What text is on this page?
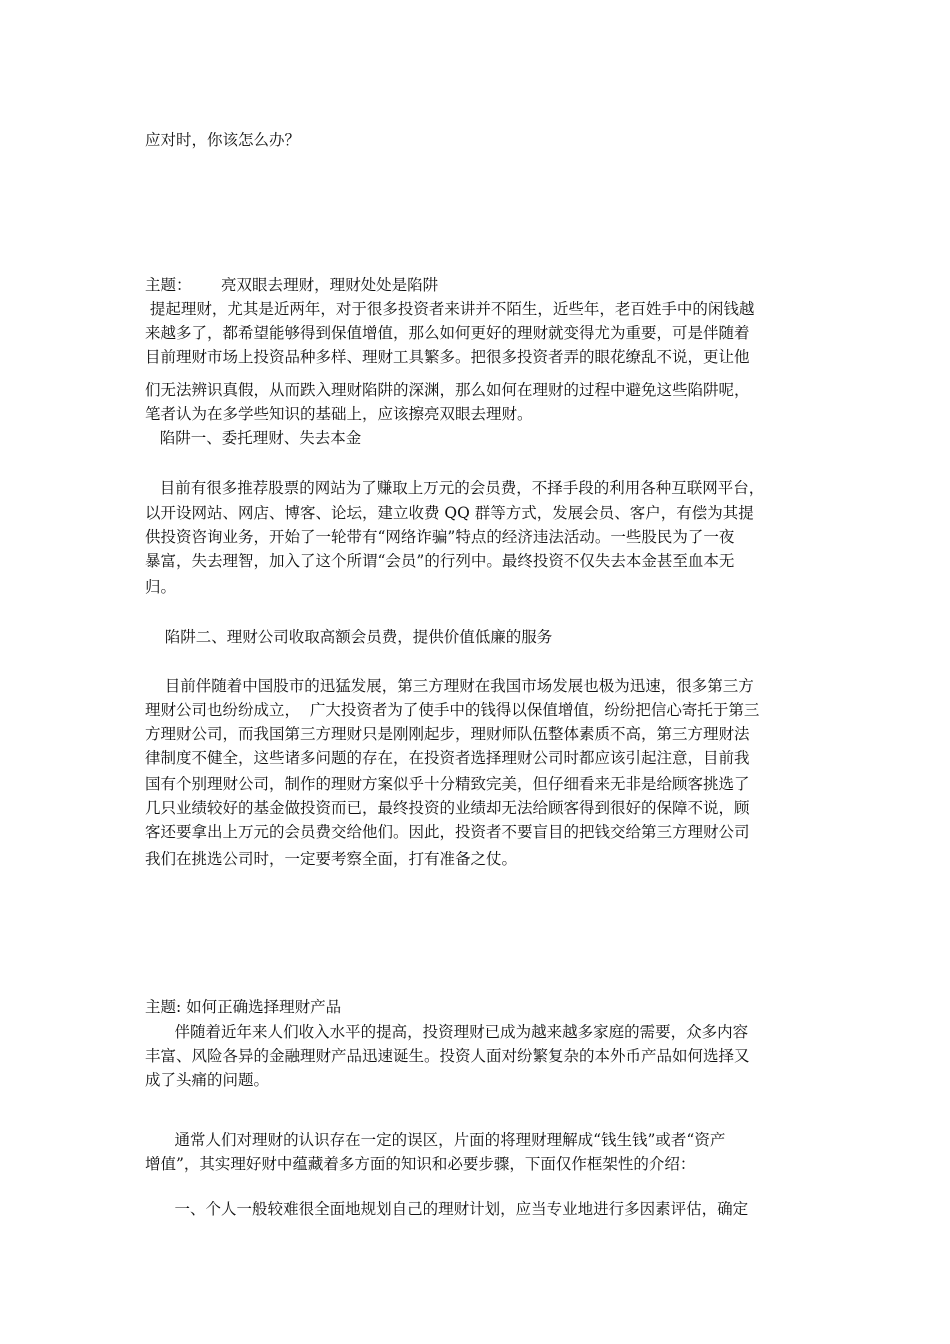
应对时，你该怎么办？

主题：      亮双眼去理财，理财处处是陷阱

提起理财，尤其是近两年，对于很多投资者来讲并不陌生，近些年，老百姓手中的闲钱越

来越多了，都希望能够得到保值增值，那么如何更好的理财就变得尤为重要，可是伴随着

目前理财市场上投资品种多样、理财工具繁多。把很多投资者弄的眼花缭乱不说，更让他

们无法辨识真假，从而跌入理财陷阱的深渊，那么如何在理财的过程中避免这些陷阱呢，

笔者认为在多学些知识的基础上，应该擦亮双眼去理财。

陷阱一、委托理财、失去本金

目前有很多推荐股票的网站为了赚取上万元的会员费，不择手段的利用各种互联网平台，

以开设网站、网店、博客、论坛，建立收费 QQ 群等方式，发展会员、客户，有偿为其提

供投资咨询业务，开始了一轮带有“网络诈骗”特点的经济违法活动。一些股民为了一夜

暴富，失去理智，加入了这个所谓“会员”的行列中。最终投资不仅失去本金甚至血本无

归。

陷阱二、理财公司收取高额会员费，提供价值低廉的服务

目前伴随着中国股市的迅猛发展，第三方理财在我国市场发展也极为迅速，很多第三方

理财公司也纷纷成立，  广大投资者为了使手中的钱得以保值增值，纷纷把信心寄托于第三

方理财公司，而我国第三方理财只是刚刚起步，理财师队伍整体素质不高，第三方理财法

律制度不健全，这些诸多问题的存在，在投资者选择理财公司时都应该引起注意，目前我

国有个别理财公司，制作的理财方案似乎十分精致完美，但仔细看来无非是给顾客挑选了

几只业绩较好的基金做投资而已，最终投资的业绩却无法给顾客得到很好的保障不说，顾

客还要拿出上万元的会员费交给他们。因此，投资者不要盲目的把钱交给第三方理财公司

我们在挑选公司时，一定要考察全面，打有准备之仗。

主题: 如何正确选择理财产品

伴随着近年来人们收入水平的提高，投资理财已成为越来越多家庭的需要，众多内容

丰富、风险各异的金融理财产品迅速诞生。投资人面对纷繁复杂的本外币产品如何选择又

成了头痛的问题。

通常人们对理财的认识存在一定的误区，片面的将理财理解成“钱生钱”或者“资产

增值”，其实理好财中蕴藏着多方面的知识和必要步骤，下面仅作框架性的介绍：

一、个人一般较难很全面地规划自己的理财计划，应当专业地进行多因素评估，确定
